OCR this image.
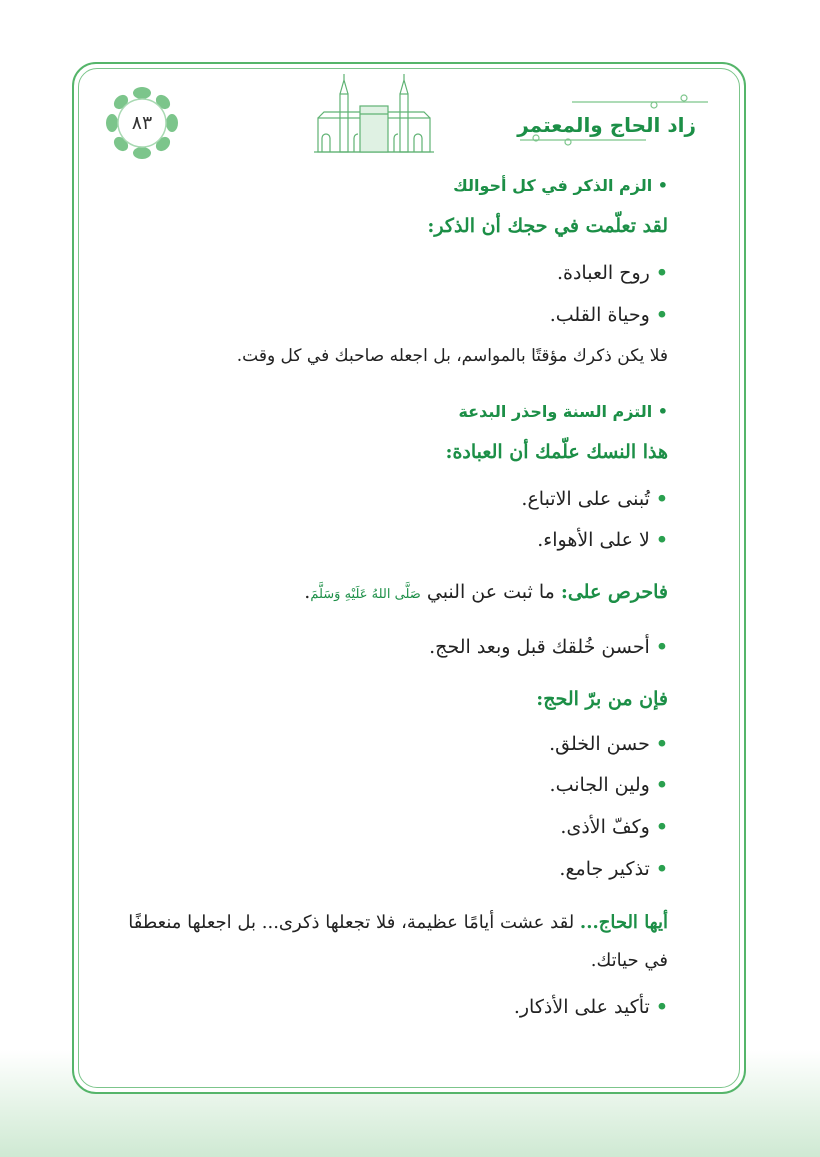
٨٣	زاد الحاج والمعتمر
• الزم الذكر في كل أحوالك
لقد تعلّمت في حجك أن الذكر:
•روح العبادة.
•وحياة القلب.
فلا يكن ذكرك مؤقتًا بالمواسم، بل اجعله صاحبك في كل وقت.
• التزم السنة واحذر البدعة
هذا النسك علّمك أن العبادة:
•تُبنى على الاتباع.
•لا على الأهواء.
فاحرص على: ما ثبت عن النبي صَلَّى اللهُ عَلَيْهِ وَسَلَّمَ.
•أحسن خُلقك قبل وبعد الحج.
فإن من برّ الحج:
•حسن الخلق.
•ولين الجانب.
•وكفّ الأذى.
•تذكير جامع.
أيها الحاج... لقد عشت أيامًا عظيمة، فلا تجعلها ذكرى... بل اجعلها منعطفًا في حياتك.
•تأكيد على الأذكار.
